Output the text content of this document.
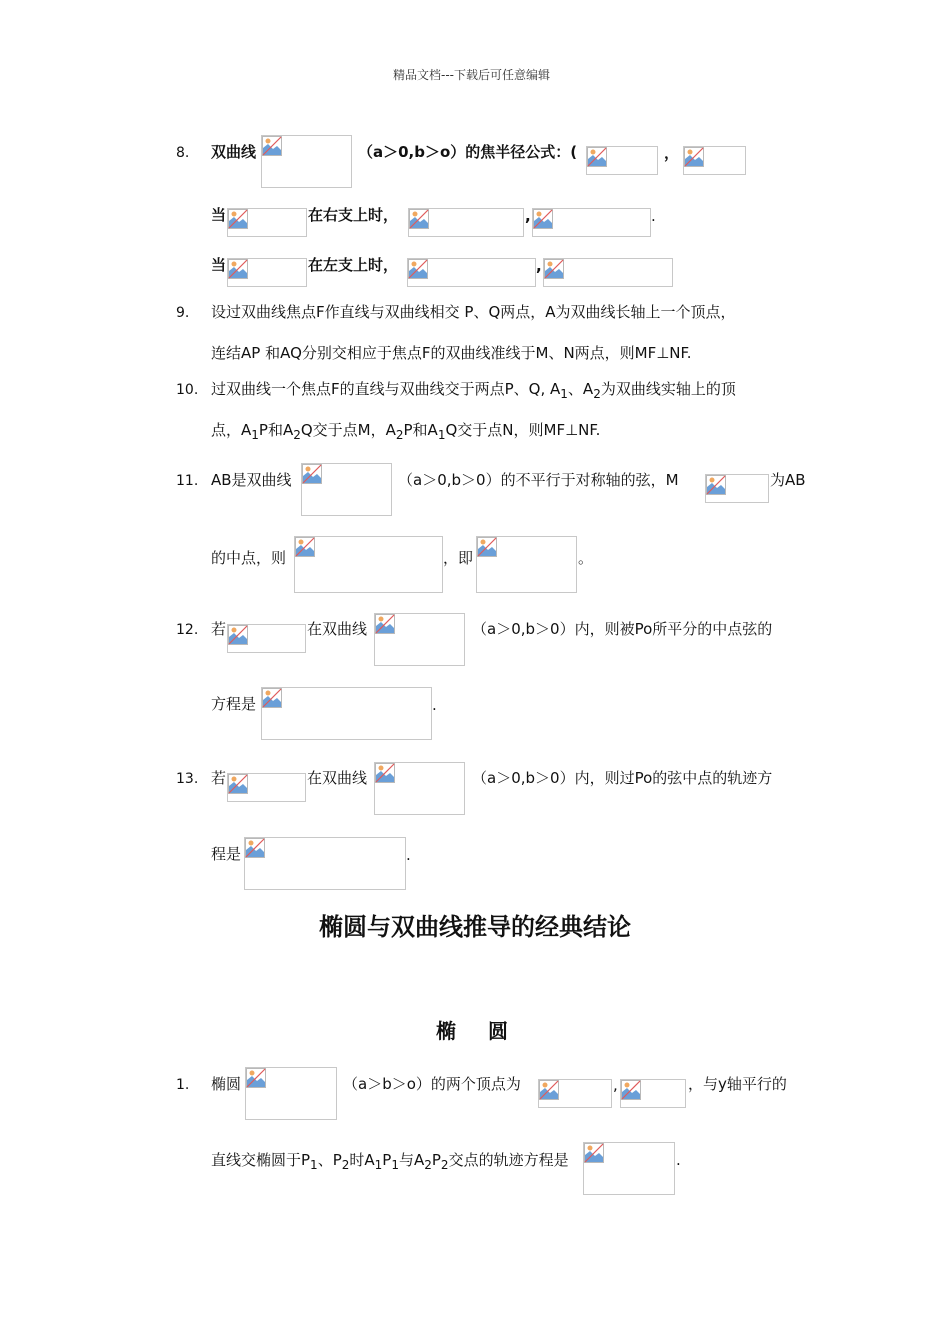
精品文档---下载后可任意编辑
8. 双曲线	（a＞0,b＞o）的焦半径公式：(	，
当	在右支上时，	,	.
当	在左支上时，	,
9. 设过双曲线焦点F作直线与双曲线相交 P、Q两点，A为双曲线长轴上一个顶点，
连结AP 和AQ分别交相应于焦点F的双曲线准线于M、N两点，则MF⊥NF.
10. 过双曲线一个焦点F的直线与双曲线交于两点P、Q, $A_1$、$A_2$为双曲线实轴上的顶
点，$A_1P$和$A_2Q$交于点M，$A_2P$和$A_1Q$交于点N，则MF⊥NF.
11. AB是双曲线	（a＞0,b＞0）的不平行于对称轴的弦，M	为AB
的中点，则	，即	。
12. 若	在双曲线	（a＞0,b＞0）内，则被Po所平分的中点弦的
方程是	.
13. 若	在双曲线	（a＞0,b＞0）内，则过Po的弦中点的轨迹方
程是	.
椭圆与双曲线推导的经典结论
椭圆
1. 椭圆	（a＞b＞o）的两个顶点为	,	，与y轴平行的
直线交椭圆于$P_1$、$P_2$时$A_1P_1$与$A_2P_2$交点的轨迹方程是	.
